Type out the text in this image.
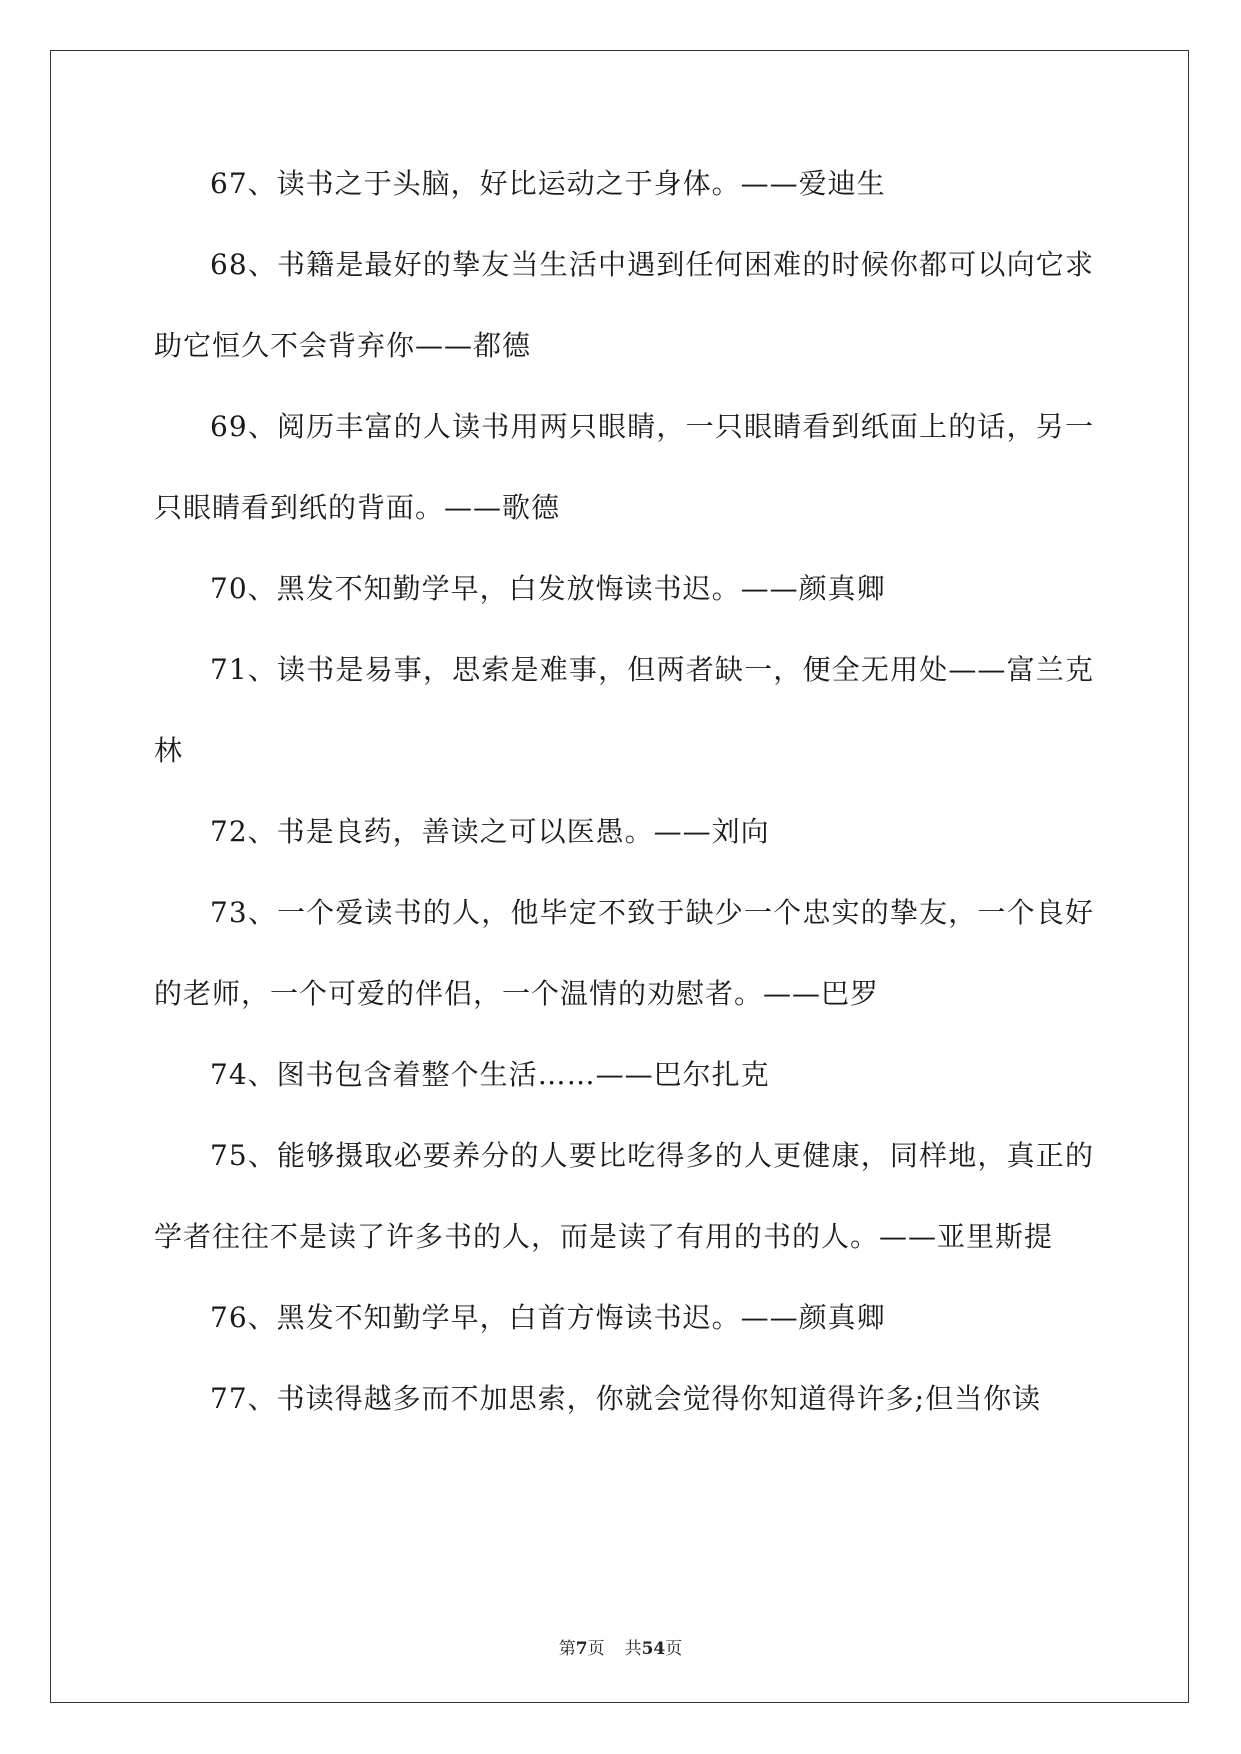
67、读书之于头脑，好比运动之于身体。——爱迪生

68、书籍是最好的挚友当生活中遇到任何困难的时候你都可以向它求助它恒久不会背弃你——都德

69、阅历丰富的人读书用两只眼睛，一只眼睛看到纸面上的话，另一只眼睛看到纸的背面。——歌德

70、黑发不知勤学早，白发放悔读书迟。——颜真卿

71、读书是易事，思索是难事，但两者缺一，便全无用处——富兰克林

72、书是良药，善读之可以医愚。——刘向

73、一个爱读书的人，他毕定不致于缺少一个忠实的挚友，一个良好的老师，一个可爱的伴侣，一个温情的劝慰者。——巴罗

74、图书包含着整个生活……——巴尔扎克

75、能够摄取必要养分的人要比吃得多的人更健康，同样地，真正的学者往往不是读了许多书的人，而是读了有用的书的人。——亚里斯提

76、黑发不知勤学早，白首方悔读书迟。——颜真卿

77、书读得越多而不加思索，你就会觉得你知道得许多;但当你读

第7页 共54页
